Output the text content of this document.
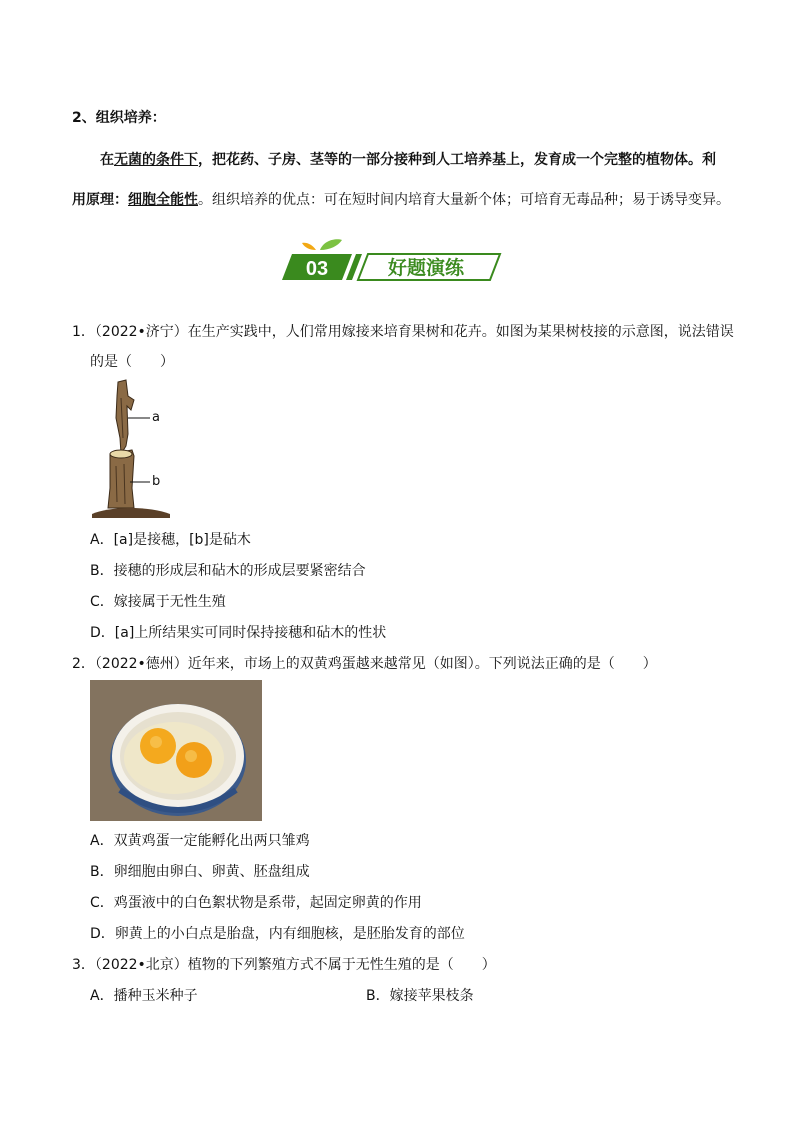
2、组织培养：
在无菌的条件下，把花药、子房、茎等的一部分接种到人工培养基上，发育成一个完整的植物体。利
用原理：细胞全能性。组织培养的优点：可在短时间内培育大量新个体；可培育无毒品种；易于诱导变异。
03	好题演练
1．（2022•济宁）在生产实践中，人们常用嫁接来培育果树和花卉。如图为某果树枝接的示意图，说法错误
的是（　　）
a
b
A．[a]是接穗，[b]是砧木
B．接穗的形成层和砧木的形成层要紧密结合
C．嫁接属于无性生殖
D．[a]上所结果实可同时保持接穗和砧木的性状
2．（2022•德州）近年来，市场上的双黄鸡蛋越来越常见（如图）。下列说法正确的是（　　）
A．双黄鸡蛋一定能孵化出两只雏鸡
B．卵细胞由卵白、卵黄、胚盘组成
C．鸡蛋液中的白色絮状物是系带，起固定卵黄的作用
D．卵黄上的小白点是胎盘，内有细胞核，是胚胎发育的部位
3．（2022•北京）植物的下列繁殖方式不属于无性生殖的是（　　）
A．播种玉米种子	B．嫁接苹果枝条
